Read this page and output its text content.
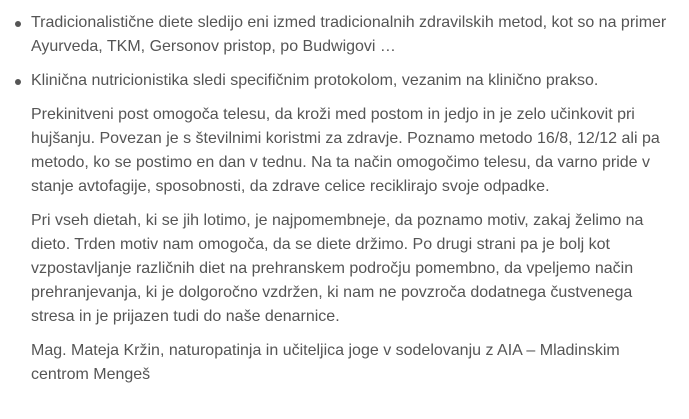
Tradicionalistične diete sledijo eni izmed tradicionalnih zdravilskih metod, kot so na primer Ayurveda, TKM, Gersonov pristop, po Budwigovi …
Klinična nutricionistika sledi specifičnim protokolom, vezanim na klinično prakso.

Prekinitveni post omogoča telesu, da kroži med postom in jedjo in je zelo učinkovit pri hujšanju. Povezan je s številnimi koristmi za zdravje. Poznamo metodo 16/8, 12/12 ali pa metodo, ko se postimo en dan v tednu. Na ta način omogočimo telesu, da varno pride v stanje avtofagije, sposobnosti, da zdrave celice reciklirajo svoje odpadke.

Pri vseh dietah, ki se jih lotimo, je najpomembneje, da poznamo motiv, zakaj želimo na dieto. Trden motiv nam omogoča, da se diete držimo. Po drugi strani pa je bolj kot vzpostavljanje različnih diet na prehranskem področju pomembno, da vpeljemo način prehranjevanja, ki je dolgoročno vzdržen, ki nam ne povzroča dodatnega čustvenega stresa in je prijazen tudi do naše denarnice.

Mag. Mateja Kržin, naturopatinja in učiteljica joge v sodelovanju z AIA – Mladinskim centrom Mengeš
